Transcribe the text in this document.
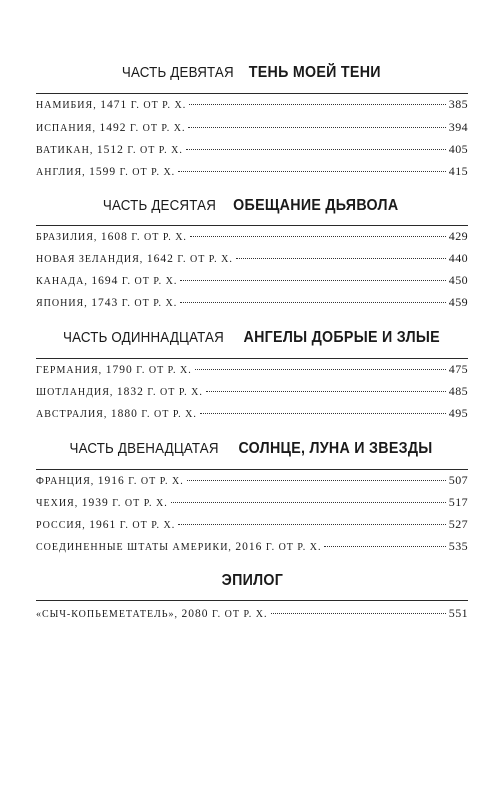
ЧАСТЬ ДЕВЯТАЯ ТЕНЬ МОЕЙ ТЕНИ
НАМИБИЯ, 1471 Г. ОТ Р. Х.	385
ИСПАНИЯ, 1492 Г. ОТ Р. Х.	394
ВАТИКАН, 1512 Г. ОТ Р. Х.	405
АНГЛИЯ, 1599 Г. ОТ Р. Х.	415
ЧАСТЬ ДЕСЯТАЯ ОБЕЩАНИЕ ДЬЯВОЛА
БРАЗИЛИЯ, 1608 Г. ОТ Р. Х.	429
НОВАЯ ЗЕЛАНДИЯ, 1642 Г. ОТ Р. Х.	440
КАНАДА, 1694 Г. ОТ Р. Х.	450
ЯПОНИЯ, 1743 Г. ОТ Р. Х.	459
ЧАСТЬ ОДИННАДЦАТАЯ АНГЕЛЫ ДОБРЫЕ И ЗЛЫЕ
ГЕРМАНИЯ, 1790 Г. ОТ Р. Х.	475
ШОТЛАНДИЯ, 1832 Г. ОТ Р. Х.	485
АВСТРАЛИЯ, 1880 Г. ОТ Р. Х.	495
ЧАСТЬ ДВЕНАДЦАТАЯ СОЛНЦЕ, ЛУНА И ЗВЕЗДЫ
ФРАНЦИЯ, 1916 Г. ОТ Р. Х.	507
ЧЕХИЯ, 1939 Г. ОТ Р. Х.	517
РОССИЯ, 1961 Г. ОТ Р. Х.	527
СОЕДИНЕННЫЕ ШТАТЫ АМЕРИКИ, 2016 Г. ОТ Р. Х.	535
ЭПИЛОГ
«СЫЧ-КОПЬЕМЕТАТЕЛЬ», 2080 Г. ОТ Р. Х.	551
